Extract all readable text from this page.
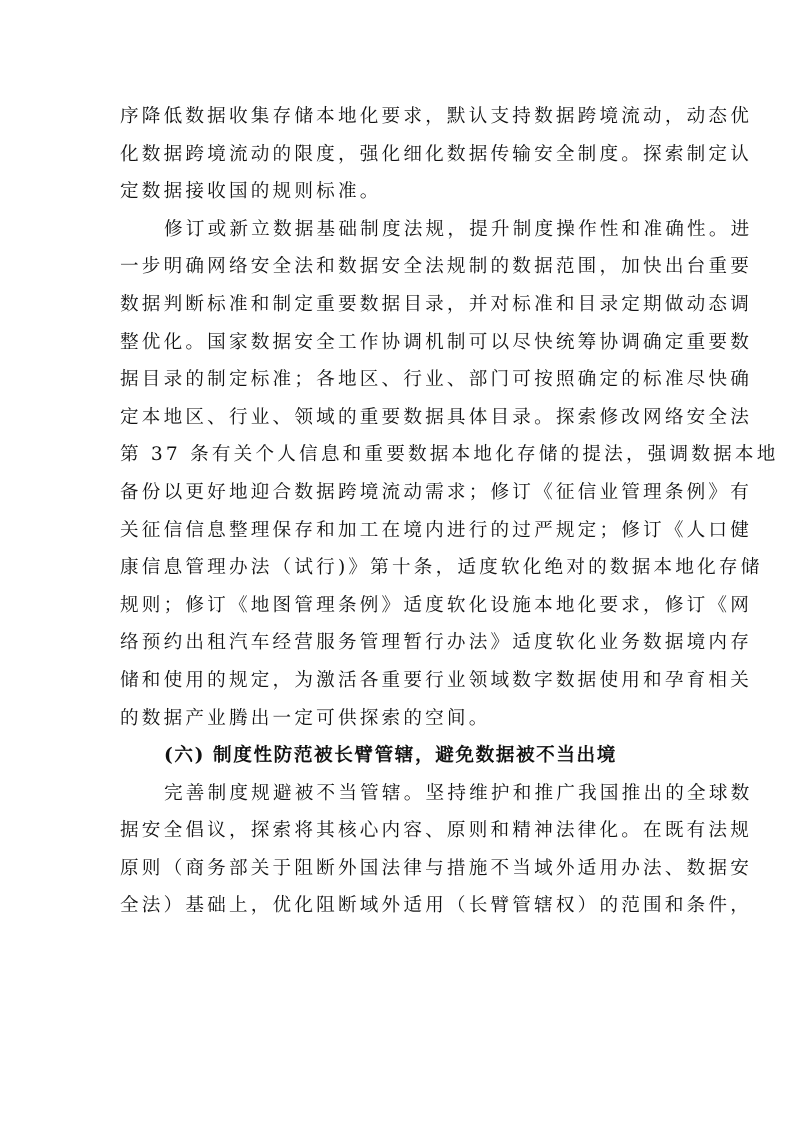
序降低数据收集存储本地化要求，默认支持数据跨境流动，动态优
化数据跨境流动的限度，强化细化数据传输安全制度。探索制定认
定数据接收国的规则标准。
修订或新立数据基础制度法规，提升制度操作性和准确性。进
一步明确网络安全法和数据安全法规制的数据范围，加快出台重要
数据判断标准和制定重要数据目录，并对标准和目录定期做动态调
整优化。国家数据安全工作协调机制可以尽快统筹协调确定重要数
据目录的制定标准；各地区、行业、部门可按照确定的标准尽快确
定本地区、行业、领域的重要数据具体目录。探索修改网络安全法
第 37 条有关个人信息和重要数据本地化存储的提法，强调数据本地
备份以更好地迎合数据跨境流动需求；修订《征信业管理条例》有
关征信信息整理保存和加工在境内进行的过严规定；修订《人口健
康信息管理办法（试行)》第十条，适度软化绝对的数据本地化存储
规则；修订《地图管理条例》适度软化设施本地化要求，修订《网
络预约出租汽车经营服务管理暂行办法》适度软化业务数据境内存
储和使用的规定，为激活各重要行业领域数字数据使用和孕育相关
的数据产业腾出一定可供探索的空间。
(六) 制度性防范被长臂管辖，避免数据被不当出境
完善制度规避被不当管辖。坚持维护和推广我国推出的全球数
据安全倡议，探索将其核心内容、原则和精神法律化。在既有法规
原则（商务部关于阻断外国法律与措施不当域外适用办法、数据安
全法）基础上，优化阻断域外适用（长臂管辖权）的范围和条件，
